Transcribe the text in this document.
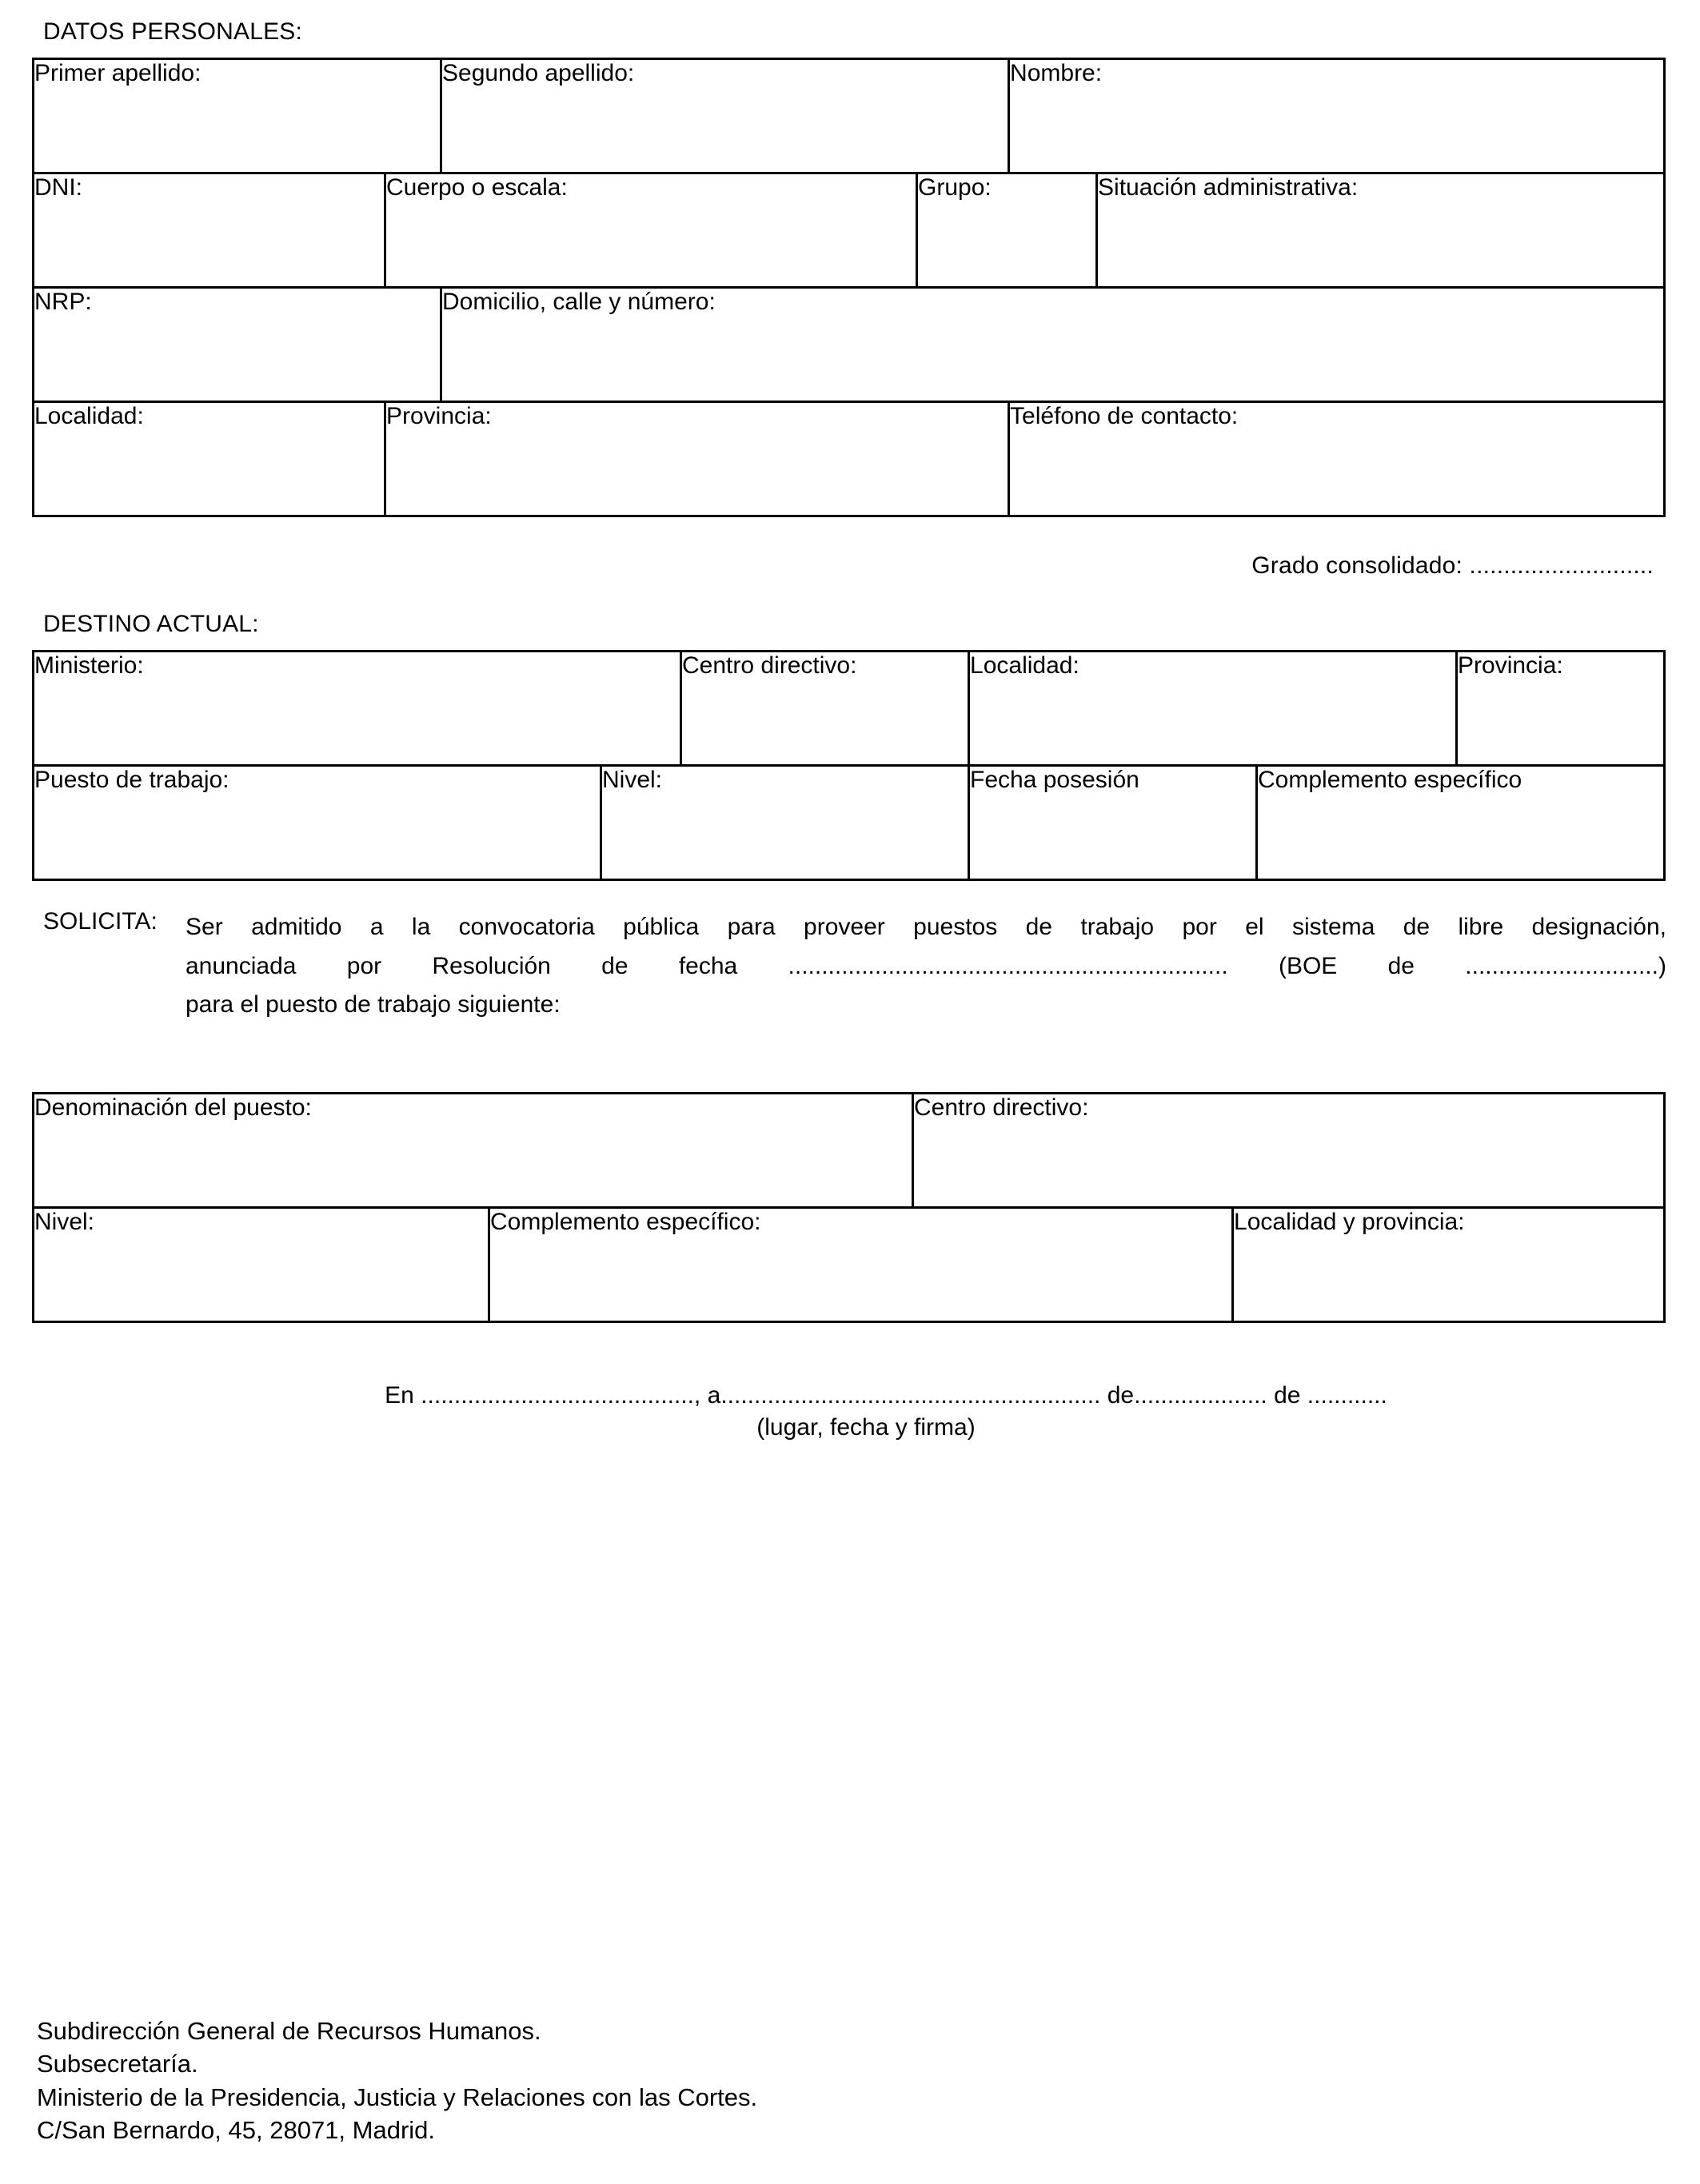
DATOS PERSONALES:
Primer apellido:		Segundo apellido:		Nombre:	

DNI:	Cuerpo o escala:		Grupo:		Situación administrativa:

NRP:		Domicilio, calle y número:			

Localidad:	Provincia:			Teléfono de contacto:	

Grado consolidado: ...........................
DESTINO ACTUAL:
Ministerio:		Centro directivo:	Localidad:		Provincia:

Puesto de trabajo:	Nivel:		Fecha posesión	Complemento específico	

SOLICITA:	Ser admitido a la convocatoria pública para proveer puestos de trabajo por el sistema de libre designación,

anunciada por Resolución de fecha .................................................................. (BOE de .............................)

para el puesto de trabajo siguiente:

Denominación del puesto:		Centro directivo:	

Nivel:	Complemento específico:		Localidad y provincia:

En ........................................., a......................................................... de.................... de ............
(lugar, fecha y firma)
Subdirección General de Recursos Humanos.
Subsecretaría.
Ministerio de la Presidencia, Justicia y Relaciones con las Cortes.
C/San Bernardo, 45, 28071, Madrid.
